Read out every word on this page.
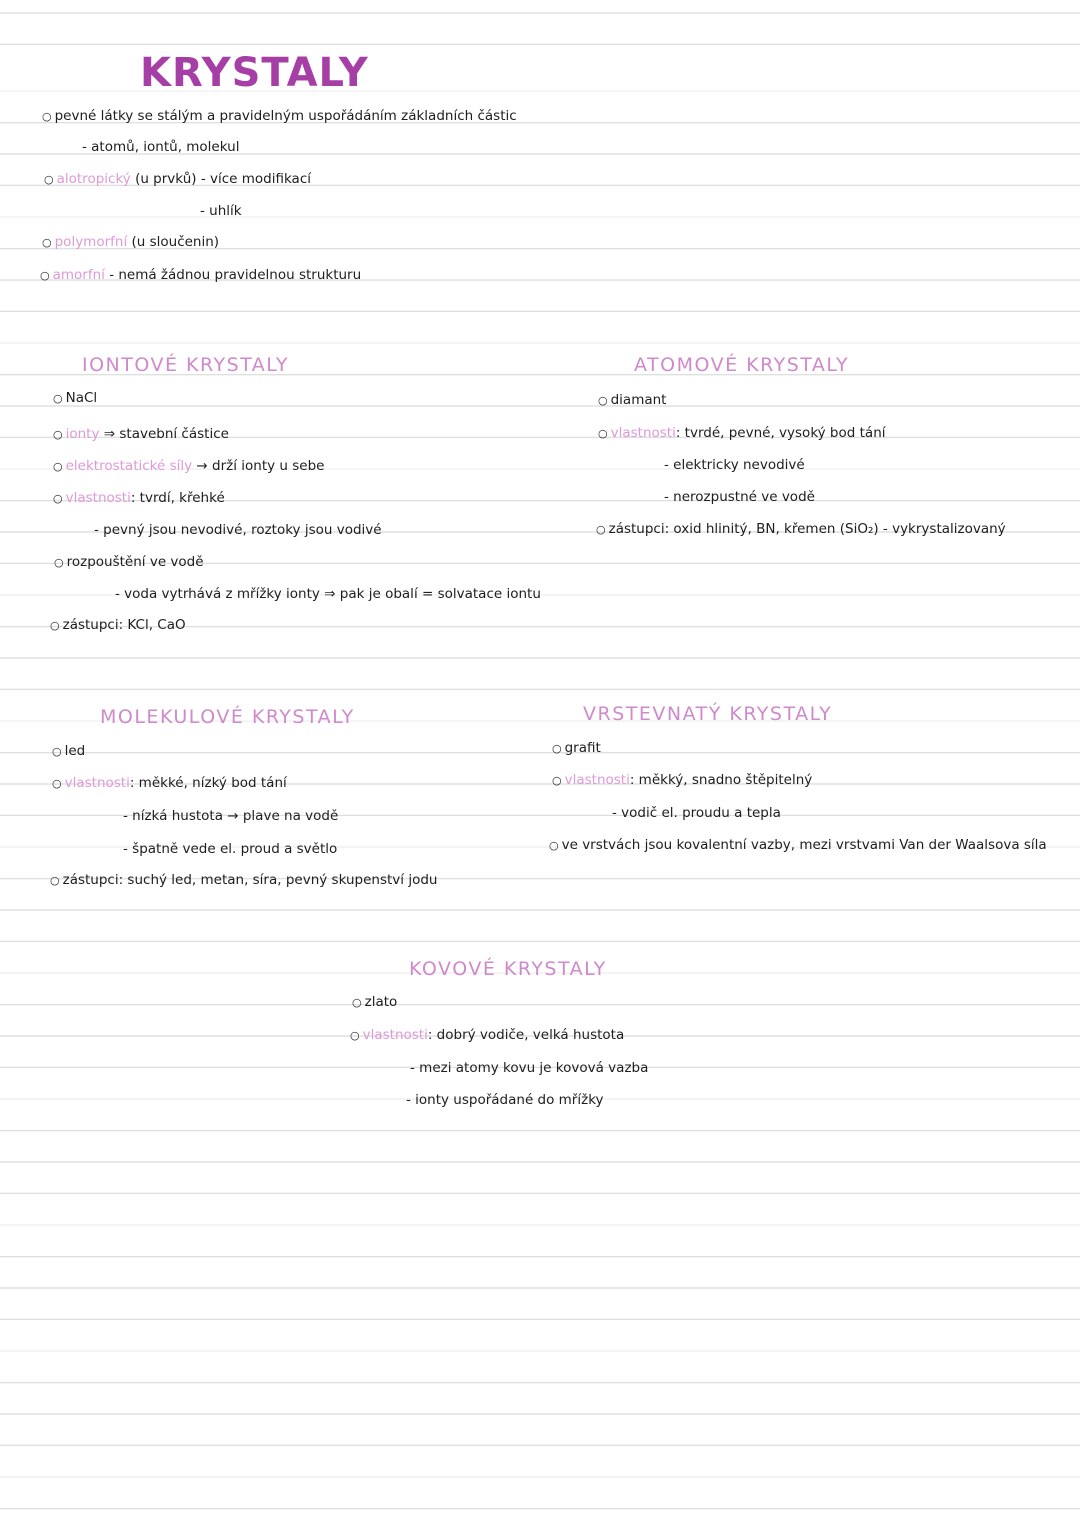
KRYSTALY
○ pevné látky se stálým a pravidelným uspořádáním základních částic
- atomů, iontů, molekul
○ alotropický (u prvků) - více modifikací
- uhlík
○ polymorfní (u sloučenin)
○ amorfní - nemá žádnou pravidelnou strukturu
IONTOVÉ KRYSTALY
○ NaCl
○ ionty ⇒ stavební částice
○ elektrostatické síly → drží ionty u sebe
○ vlastnosti: tvrdí, křehké
- pevný jsou nevodivé, roztoky jsou vodivé
○ rozpouštění ve vodě
- voda vytrhává z mřížky ionty ⇒ pak je obalí = solvatace iontu
○ zástupci: KCl, CaO
ATOMOVÉ KRYSTALY
○ diamant
○ vlastnosti: tvrdé, pevné, vysoký bod tání
- elektricky nevodivé
- nerozpustné ve vodě
○ zástupci: oxid hlinitý, BN, křemen (SiO₂) - vykrystalizovaný
MOLEKULOVÉ KRYSTALY
○ led
○ vlastnosti: měkké, nízký bod tání
- nízká hustota → plave na vodě
- špatně vede el. proud a světlo
○ zástupci: suchý led, metan, síra, pevný skupenství jodu
VRSTEVNATÝ KRYSTALY
○ grafit
○ vlastnosti: měkký, snadno štěpitelný
- vodič el. proudu a tepla
○ ve vrstvách jsou kovalentní vazby, mezi vrstvami Van der Waalsova síla
KOVOVÉ KRYSTALY
○ zlato
○ vlastnosti: dobrý vodiče, velká hustota
- mezi atomy kovu je kovová vazba
- ionty uspořádané do mřížky
